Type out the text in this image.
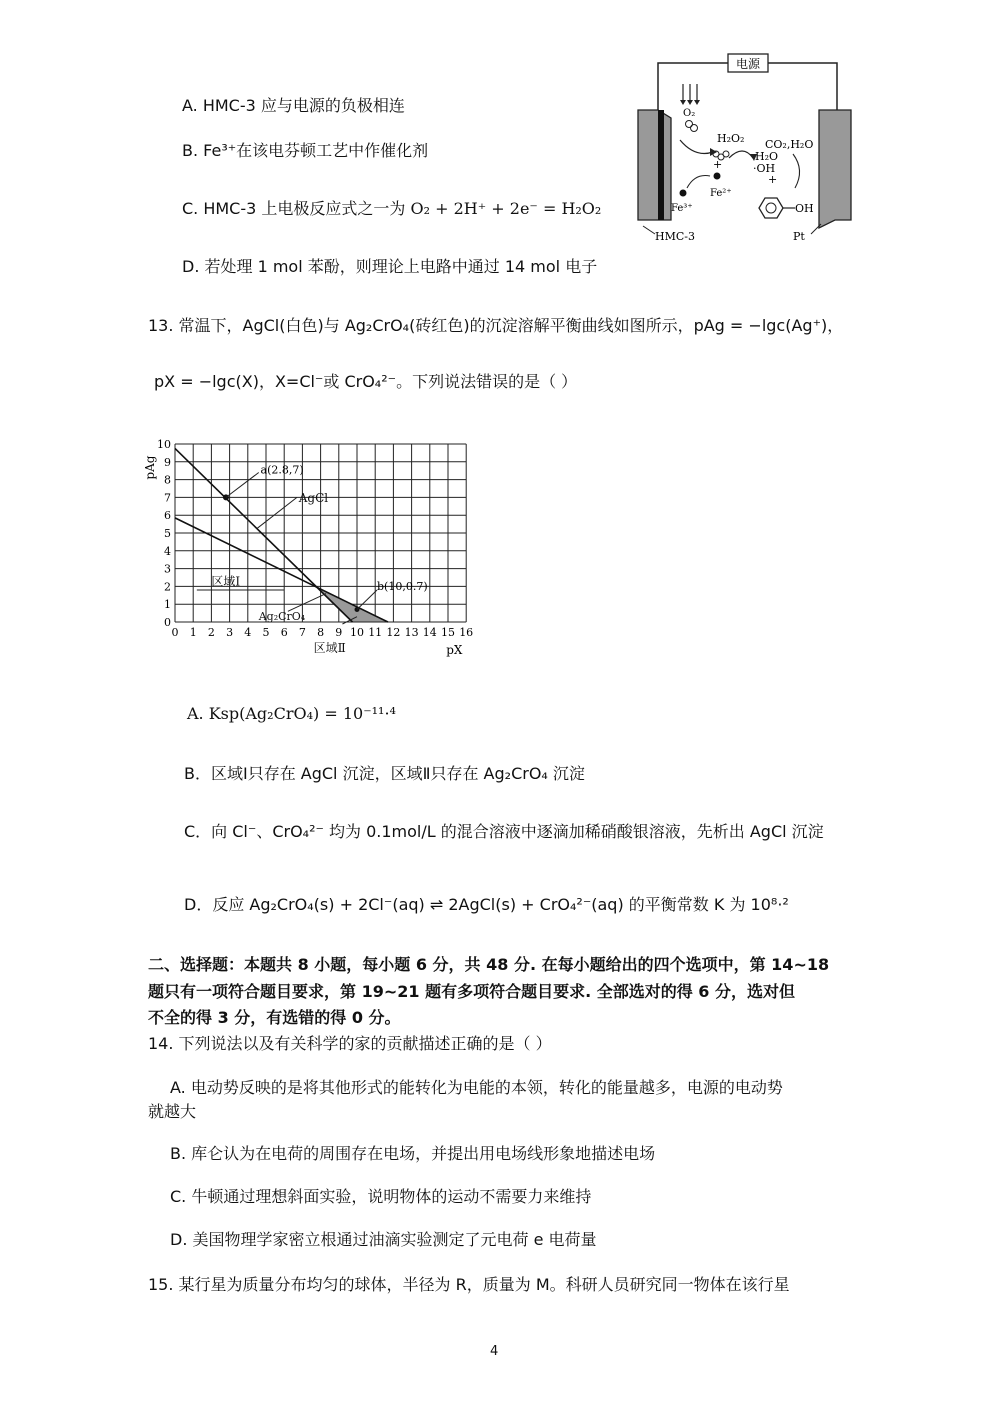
A. HMC-3 应与电源的负极相连
B. Fe³⁺在该电芬顿工艺中作催化剂
C. HMC-3 上电极反应式之一为 O₂ + 2H⁺ + 2e⁻ = H₂O₂
D. 若处理 1 mol 苯酚，则理论上电路中通过 14 mol 电子
电源
O₂
H₂O₂
+
Fe²⁺
Fe³⁺
CO₂,H₂O
H₂O
·OH
+
OH
HMC-3	Pt
13. 常温下，AgCl(白色)与 Ag₂CrO₄(砖红色)的沉淀溶解平衡曲线如图所示，pAg = −lgc(Ag⁺)，
pX = −lgc(X)，X=Cl⁻或 CrO₄²⁻。下列说法错误的是（ ）
0 1 2 3 4 5 6 7 8 9 10 11 12 13 14 15 16
0
1
2
3
4
5
6
7
8
9
10
pX
pAg	a(2.8,7)
b(10,0.7)
AgCl
Ag₂CrO₄
区域Ⅰ
区域Ⅱ
A. Ksp(Ag₂CrO₄) = 10⁻¹¹·⁴
B．区域Ⅰ只存在 AgCl 沉淀，区域Ⅱ只存在 Ag₂CrO₄ 沉淀
C．向 Cl⁻、CrO₄²⁻ 均为 0.1mol/L 的混合溶液中逐滴加稀硝酸银溶液，先析出 AgCl 沉淀
D．反应 Ag₂CrO₄(s) + 2Cl⁻(aq) ⇌ 2AgCl(s) + CrO₄²⁻(aq) 的平衡常数 K 为 10⁸·²
二、选择题：本题共 8 小题，每小题 6 分，共 48 分. 在每小题给出的四个选项中，第 14~18
题只有一项符合题目要求，第 19~21 题有多项符合题目要求. 全部选对的得 6 分，选对但
不全的得 3 分，有选错的得 0 分。
14. 下列说法以及有关科学的家的贡献描述正确的是（ ）
A. 电动势反映的是将其他形式的能转化为电能的本领，转化的能量越多，电源的电动势
就越大
B. 库仑认为在电荷的周围存在电场，并提出用电场线形象地描述电场
C. 牛顿通过理想斜面实验，说明物体的运动不需要力来维持
D. 美国物理学家密立根通过油滴实验测定了元电荷 e 电荷量
15. 某行星为质量分布均匀的球体，半径为 R，质量为 M。科研人员研究同一物体在该行星
4
